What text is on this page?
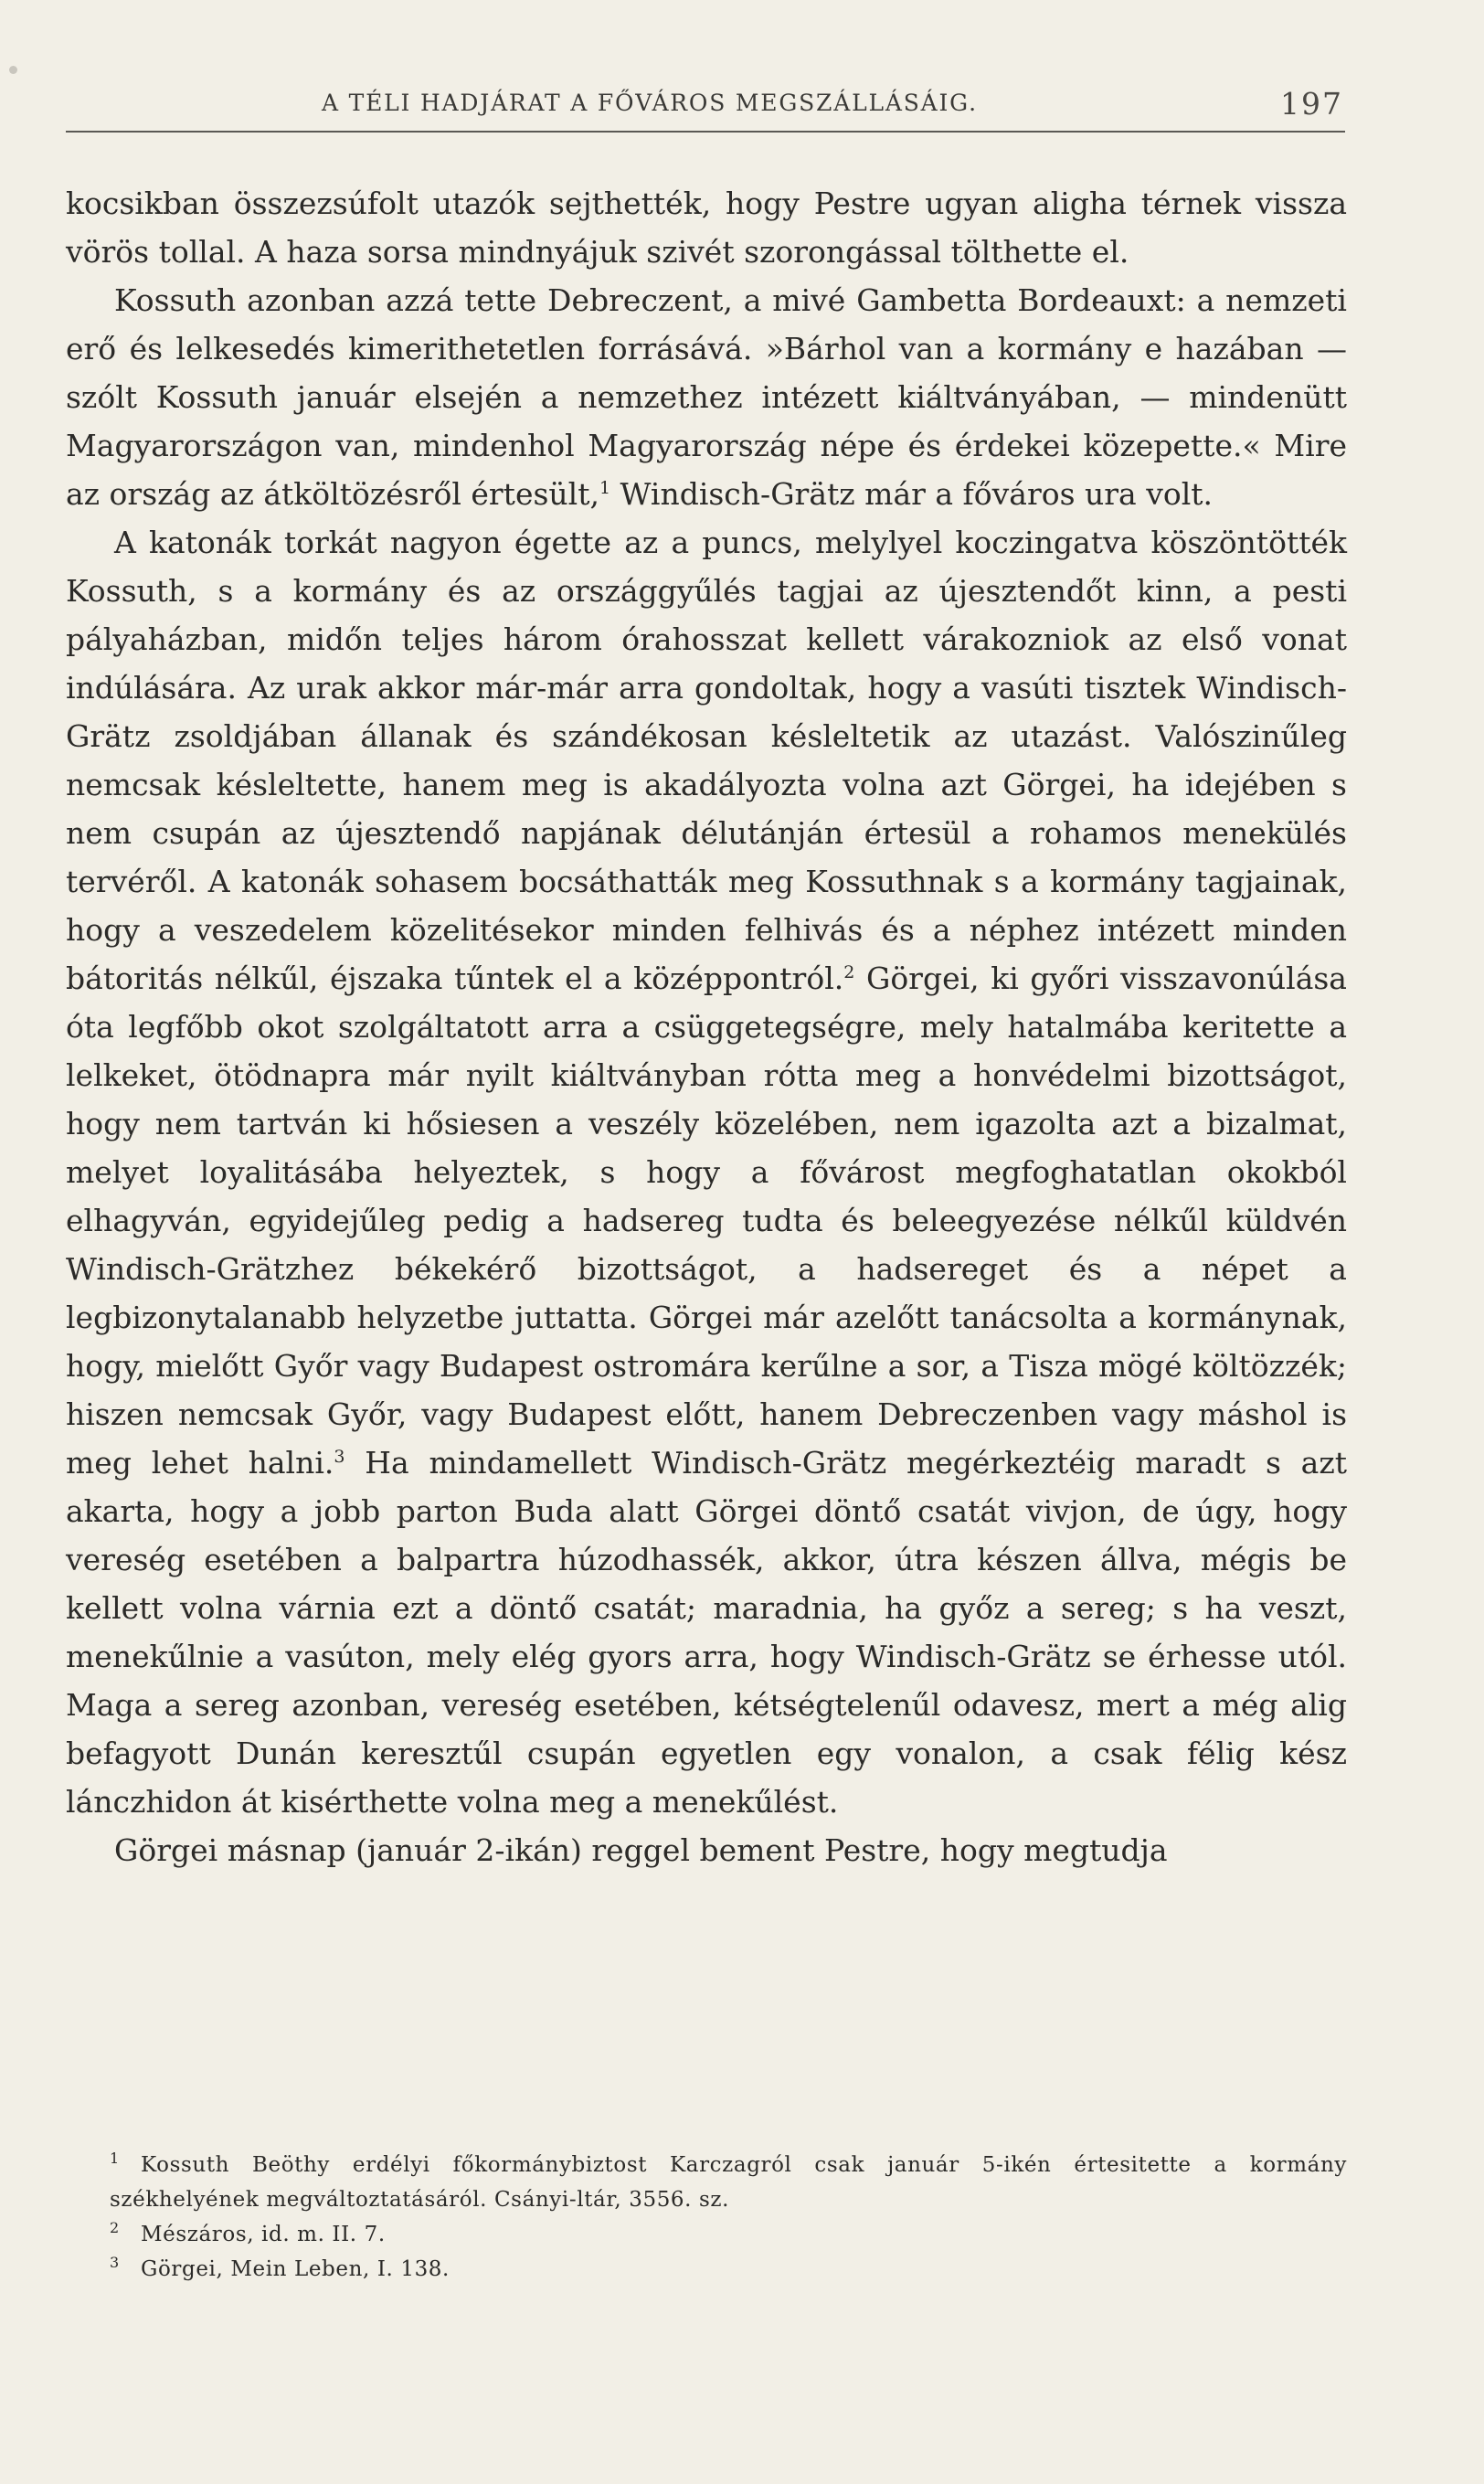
A TÉLI HADJÁRAT A FŐVÁROS MEGSZÁLLÁSÁIG.	197

kocsikban összezsúfolt utazók sejthették, hogy Pestre ugyan aligha térnek vissza vörös tollal. A haza sorsa mindnyájuk szivét szorongással tölthette el.

Kossuth azonban azzá tette Debreczent, a mivé Gambetta Bordeauxt: a nemzeti erő és lelkesedés kimerithetetlen forrásává. »Bárhol van a kormány e hazában — szólt Kossuth január elsején a nemzethez intézett kiáltványában, — mindenütt Magyarországon van, mindenhol Magyarország népe és érdekei közepette.« Mire az ország az átköltözésről értesült,$^1$ Windisch-Grätz már a főváros ura volt.

A katonák torkát nagyon égette az a puncs, melylyel koczingatva köszöntötték Kossuth, s a kormány és az országgyűlés tagjai az újesztendőt kinn, a pesti pályaházban, midőn teljes három órahosszat kellett várakozniok az első vonat indúlására. Az urak akkor már-már arra gondoltak, hogy a vasúti tisztek Windisch-Grätz zsoldjában állanak és szándékosan késleltetik az utazást. Valószinűleg nemcsak késleltette, hanem meg is akadályozta volna azt Görgei, ha idejében s nem csupán az újesztendő napjának délutánján értesül a rohamos menekülés tervéről. A katonák sohasem bocsáthatták meg Kossuthnak s a kormány tagjainak, hogy a veszedelem közelitésekor minden felhivás és a néphez intézett minden bátoritás nélkűl, éjszaka tűntek el a középpontról.$^2$ Görgei, ki győri visszavonúlása óta legfőbb okot szolgáltatott arra a csüggetegségre, mely hatalmába keritette a lelkeket, ötödnapra már nyilt kiáltványban rótta meg a honvédelmi bizottságot, hogy nem tartván ki hősiesen a veszély közelében, nem igazolta azt a bizalmat, melyet loyalitásába helyeztek, s hogy a fővárost megfoghatatlan okokból elhagyván, egyidejűleg pedig a hadsereg tudta és beleegyezése nélkűl küldvén Windisch-Grätzhez békekérő bizottságot, a hadsereget és a népet a legbizonytalanabb helyzetbe juttatta. Görgei már azelőtt tanácsolta a kormánynak, hogy, mielőtt Győr vagy Budapest ostromára kerűlne a sor, a Tisza mögé költözzék; hiszen nemcsak Győr, vagy Budapest előtt, hanem Debreczenben vagy máshol is meg lehet halni.$^3$ Ha mindamellett Windisch-Grätz megérkeztéig maradt s azt akarta, hogy a jobb parton Buda alatt Görgei döntő csatát vivjon, de úgy, hogy vereség esetében a balpartra húzodhassék, akkor, útra készen állva, mégis be kellett volna várnia ezt a döntő csatát; maradnia, ha győz a sereg; s ha veszt, menekűlnie a vasúton, mely elég gyors arra, hogy Windisch-Grätz se érhesse utól. Maga a sereg azonban, vereség esetében, kétségtelenűl odavesz, mert a még alig befagyott Dunán keresztűl csupán egyetlen egy vonalon, a csak félig kész lánczhidon át kisérthette volna meg a menekűlést.

Görgei másnap (január 2-ikán) reggel bement Pestre, hogy megtudja

1 Kossuth Beöthy erdélyi főkormánybiztost Karczagról csak január 5-ikén értesitette a kormány székhelyének megváltoztatásáról. Csányi-ltár, 3556. sz.

2 Mészáros, id. m. II. 7.

3 Görgei, Mein Leben, I. 138.
